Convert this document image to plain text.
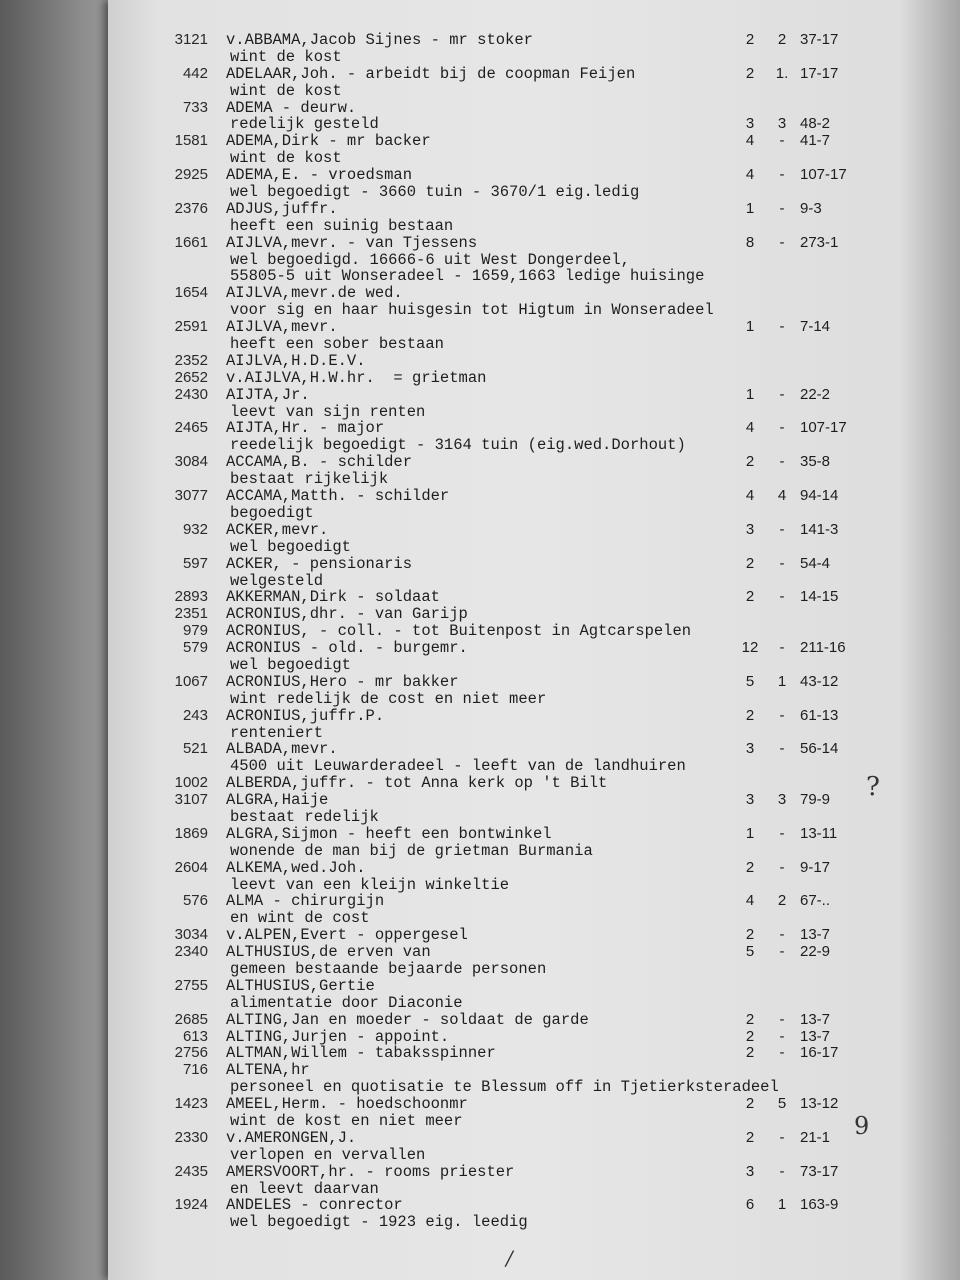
3121 v.ABBAMA,Jacob Sijnes - mr stoker	2	2 37-17
wint de kost
442 ADELAAR,Joh. - arbeidt bij de coopman Feijen	2	1. 17-17
wint de kost
733 ADEMA - deurw.
redelijk gesteld	3	3 48-2
1581 ADEMA,Dirk - mr backer	4	-	41-7
wint de kost
2925 ADEMA,E. - vroedsman	4	-	107-17
wel begoedigt - 3660 tuin - 3670/1 eig.ledig
2376 ADJUS,juffr.	1	-	9-3
heeft een suinig bestaan
1661 AIJLVA,mevr. - van Tjessens	8	-	273-1
wel begoedigd. 16666-6 uit West Dongerdeel,
55805-5 uit Wonseradeel - 1659,1663 ledige huisinge
1654 AIJLVA,mevr.de wed.
voor sig en haar huisgesin tot Higtum in Wonseradeel
2591 AIJLVA,mevr.	1	-	7-14
heeft een sober bestaan
2352 AIJLVA,H.D.E.V.
2652 v.AIJLVA,H.W.hr.  = grietman
2430 AIJTA,Jr.	1	-	22-2
leevt van sijn renten
2465 AIJTA,Hr. - major	4	-	107-17
reedelijk begoedigt - 3164 tuin (eig.wed.Dorhout)
3084 ACCAMA,B. - schilder	2	-	35-8
bestaat rijkelijk
3077 ACCAMA,Matth. - schilder	4	4 94-14
begoedigt
932 ACKER,mevr.	3	-	141-3
wel begoedigt
597 ACKER, - pensionaris	2	-	54-4
welgesteld
2893 AKKERMAN,Dirk - soldaat	2	-	14-15
2351 ACRONIUS,dhr. - van Garijp
979 ACRONIUS, - coll. - tot Buitenpost in Agtcarspelen
579 ACRONIUS - old. - burgemr.	12	-	211-16
wel begoedigt
1067 ACRONIUS,Hero - mr bakker	5	1 43-12
wint redelijk de cost en niet meer
243 ACRONIUS,juffr.P.	2	-	61-13
renteniert
521 ALBADA,mevr.	3	-	56-14
4500 uit Leuwarderadeel - leeft van de landhuiren
1002 ALBERDA,juffr. - tot Anna kerk op 't Bilt
3107 ALGRA,Haije	3	3 79-9
bestaat redelijk
1869 ALGRA,Sijmon - heeft een bontwinkel	1	-	13-11
wonende de man bij de grietman Burmania
2604 ALKEMA,wed.Joh.	2	-	9-17
leevt van een kleijn winkeltie
576 ALMA - chirurgijn	4	2 67-..
en wint de cost
3034 v.ALPEN,Evert - oppergesel	2	-	13-7
2340 ALTHUSIUS,de erven van	5	-	22-9
gemeen bestaande bejaarde personen
2755 ALTHUSIUS,Gertie
alimentatie door Diaconie
2685 ALTING,Jan en moeder - soldaat de garde	2	-	13-7
613 ALTING,Jurjen - appoint.	2	-	13-7
2756 ALTMAN,Willem - tabaksspinner	2	-	16-17
716 ALTENA,hr
personeel en quotisatie te Blessum off in Tjetierksteradeel
1423 AMEEL,Herm. - hoedschoonmr	2	5 13-12
wint de kost en niet meer
2330 v.AMERONGEN,J.	2	-	21-1
verlopen en vervallen
2435 AMERSVOORT,hr. - rooms priester	3	-	73-17
en leevt daarvan
1924 ANDELES - conrector	6	1 163-9
wel begoedigt - 1923 eig. leedig
?
9
/
